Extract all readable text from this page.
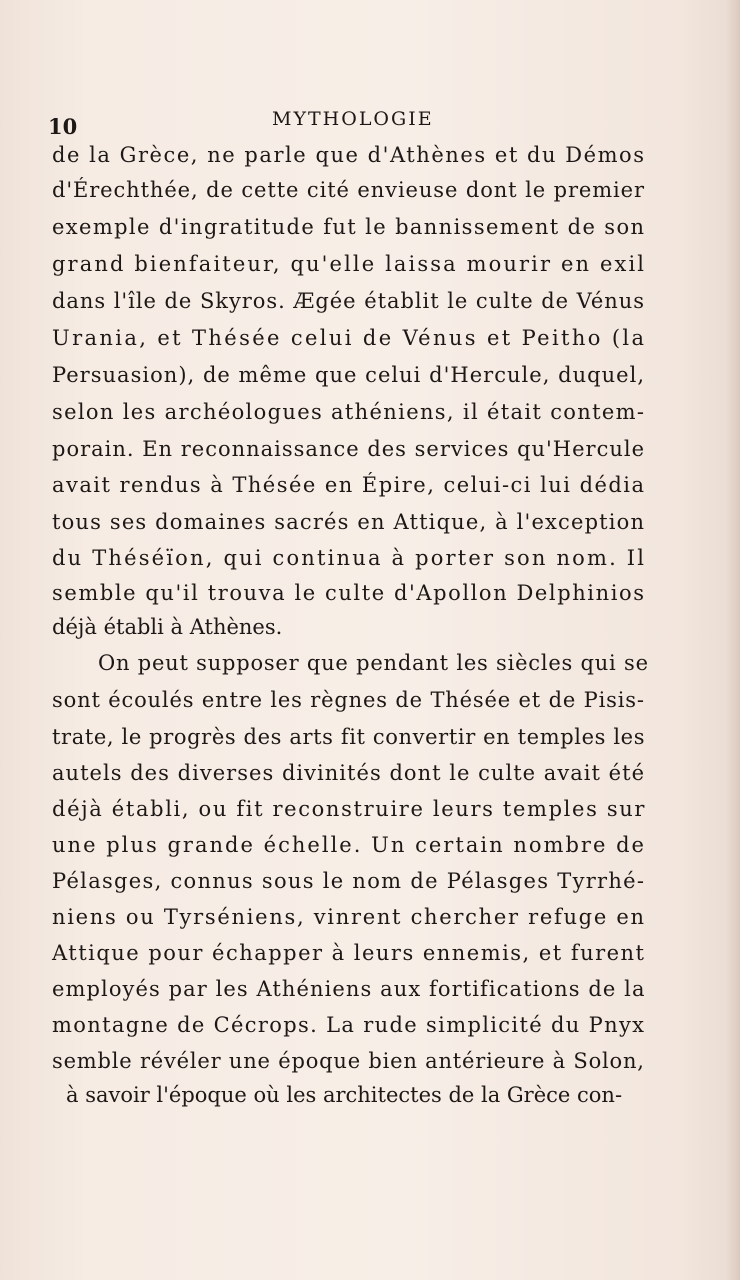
10	MYTHOLOGIE
de la Grèce, ne parle que d'Athènes et du Démos
d'Érechthée, de cette cité envieuse dont le premier
exemple d'ingratitude fut le bannissement de son
grand bienfaiteur, qu'elle laissa mourir en exil
dans l'île de Skyros. Ægée établit le culte de Vénus
Urania, et Thésée celui de Vénus et Peitho (la
Persuasion), de même que celui d'Hercule, duquel,
selon les archéologues athéniens, il était contem-
porain. En reconnaissance des services qu'Hercule
avait rendus à Thésée en Épire, celui-ci lui dédia
tous ses domaines sacrés en Attique, à l'exception
du Théséïon, qui continua à porter son nom. Il
semble qu'il trouva le culte d'Apollon Delphinios
déjà établi à Athènes.
On peut supposer que pendant les siècles qui se
sont écoulés entre les règnes de Thésée et de Pisis-
trate, le progrès des arts fit convertir en temples les
autels des diverses divinités dont le culte avait été
déjà établi, ou fit reconstruire leurs temples sur
une plus grande échelle. Un certain nombre de
Pélasges, connus sous le nom de Pélasges Tyrrhé-
niens ou Tyrséniens, vinrent chercher refuge en
Attique pour échapper à leurs ennemis, et furent
employés par les Athéniens aux fortifications de la
montagne de Cécrops. La rude simplicité du Pnyx
semble révéler une époque bien antérieure à Solon,
à savoir l'époque où les architectes de la Grèce con-
